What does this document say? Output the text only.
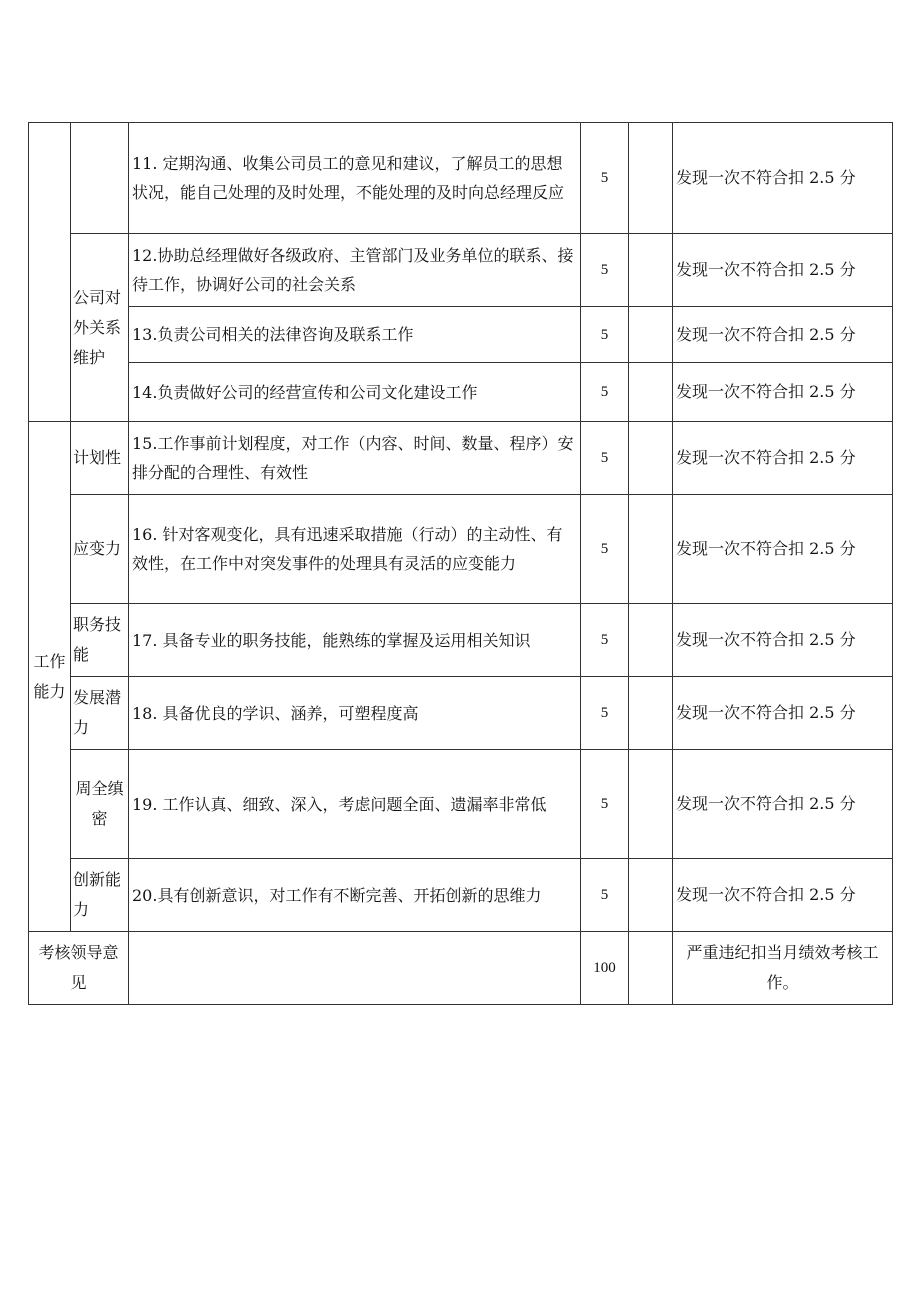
		11. 定期沟通、收集公司员工的意见和建议，了解员工的思想状况，能自己处理的及时处理，不能处理的及时向总经理反应	5		发现一次不符合扣 2.5 分
	公司对外关系维护	12.协助总经理做好各级政府、主管部门及业务单位的联系、接待工作，协调好公司的社会关系	5		发现一次不符合扣 2.5 分
		13.负责公司相关的法律咨询及联系工作	5		发现一次不符合扣 2.5 分
		14.负责做好公司的经营宣传和公司文化建设工作	5		发现一次不符合扣 2.5 分
工作能力	计划性	15.工作事前计划程度，对工作（内容、时间、数量、程序）安排分配的合理性、有效性	5		发现一次不符合扣 2.5 分
	应变力	16. 针对客观变化，具有迅速采取措施（行动）的主动性、有效性，在工作中对突发事件的处理具有灵活的应变能力	5		发现一次不符合扣 2.5 分
	职务技能	17. 具备专业的职务技能，能熟练的掌握及运用相关知识	5		发现一次不符合扣 2.5 分
	发展潜力	18. 具备优良的学识、涵养，可塑程度高	5		发现一次不符合扣 2.5 分
	周全缜密	19. 工作认真、细致、深入，考虑问题全面、遗漏率非常低	5		发现一次不符合扣 2.5 分
	创新能力	20.具有创新意识，对工作有不断完善、开拓创新的思维力	5		发现一次不符合扣 2.5 分
考核领导意见			100		严重违纪扣当月绩效考核工作。
